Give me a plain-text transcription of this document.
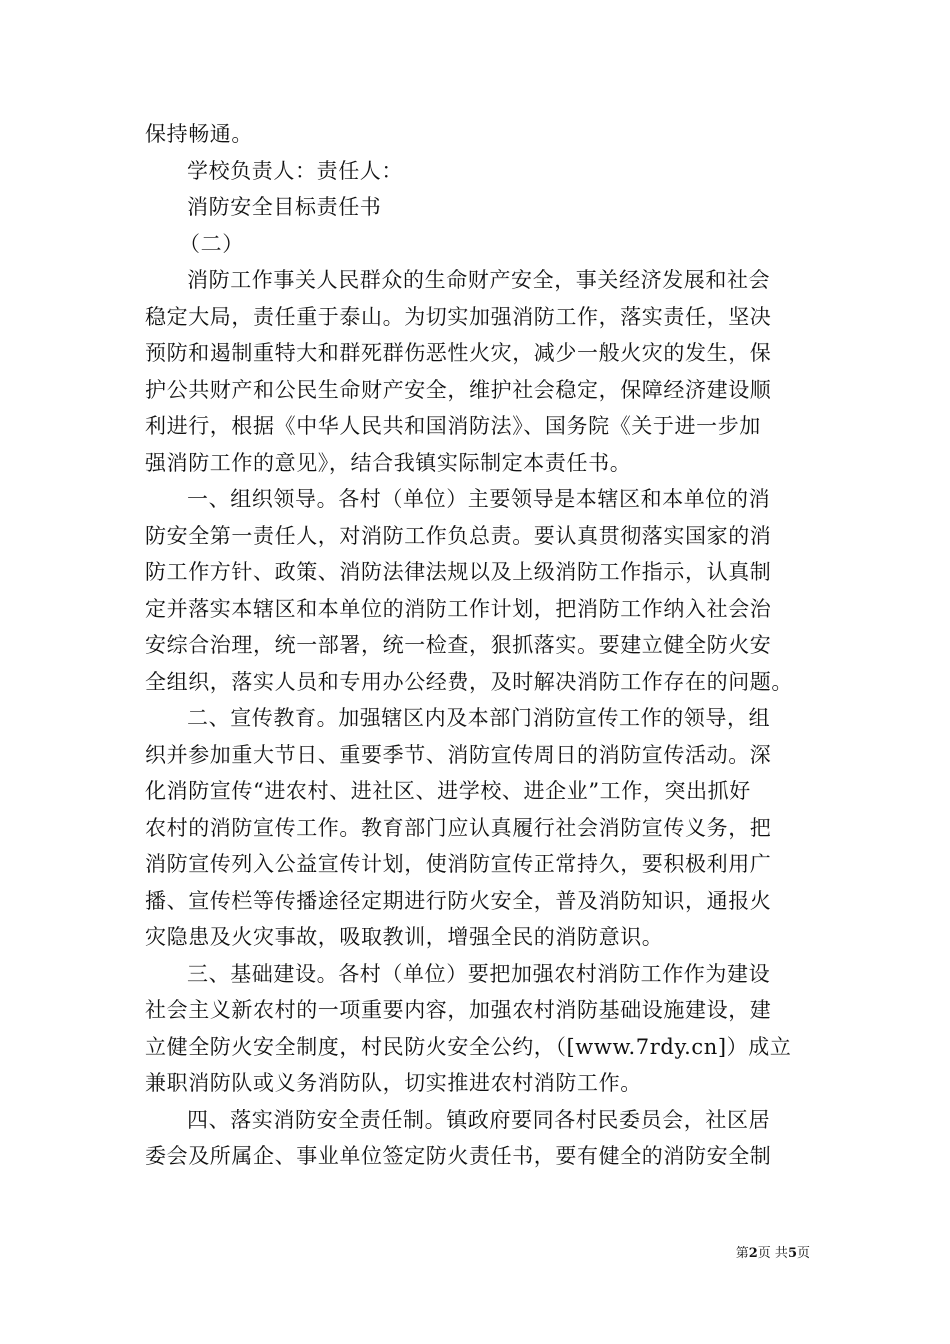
保持畅通。
学校负责人：责任人：
消防安全目标责任书
（二）
消防工作事关人民群众的生命财产安全，事关经济发展和社会
稳定大局，责任重于泰山。为切实加强消防工作，落实责任，坚决
预防和遏制重特大和群死群伤恶性火灾，减少一般火灾的发生，保
护公共财产和公民生命财产安全，维护社会稳定，保障经济建设顺
利进行，根据《中华人民共和国消防法》、国务院《关于进一步加
强消防工作的意见》，结合我镇实际制定本责任书。
一、组织领导。各村（单位）主要领导是本辖区和本单位的消
防安全第一责任人，对消防工作负总责。要认真贯彻落实国家的消
防工作方针、政策、消防法律法规以及上级消防工作指示，认真制
定并落实本辖区和本单位的消防工作计划，把消防工作纳入社会治
安综合治理，统一部署，统一检查，狠抓落实。要建立健全防火安
全组织，落实人员和专用办公经费，及时解决消防工作存在的问题。
二、宣传教育。加强辖区内及本部门消防宣传工作的领导，组
织并参加重大节日、重要季节、消防宣传周日的消防宣传活动。深
化消防宣传“进农村、进社区、进学校、进企业”工作，突出抓好
农村的消防宣传工作。教育部门应认真履行社会消防宣传义务，把
消防宣传列入公益宣传计划，使消防宣传正常持久，要积极利用广
播、宣传栏等传播途径定期进行防火安全，普及消防知识，通报火
灾隐患及火灾事故，吸取教训，增强全民的消防意识。
三、基础建设。各村（单位）要把加强农村消防工作作为建设
社会主义新农村的一项重要内容，加强农村消防基础设施建设，建
立健全防火安全制度，村民防火安全公约，（[www.7rdy.cn]）成立
兼职消防队或义务消防队，切实推进农村消防工作。
四、落实消防安全责任制。镇政府要同各村民委员会，社区居
委会及所属企、事业单位签定防火责任书，要有健全的消防安全制
第2页 共5页
